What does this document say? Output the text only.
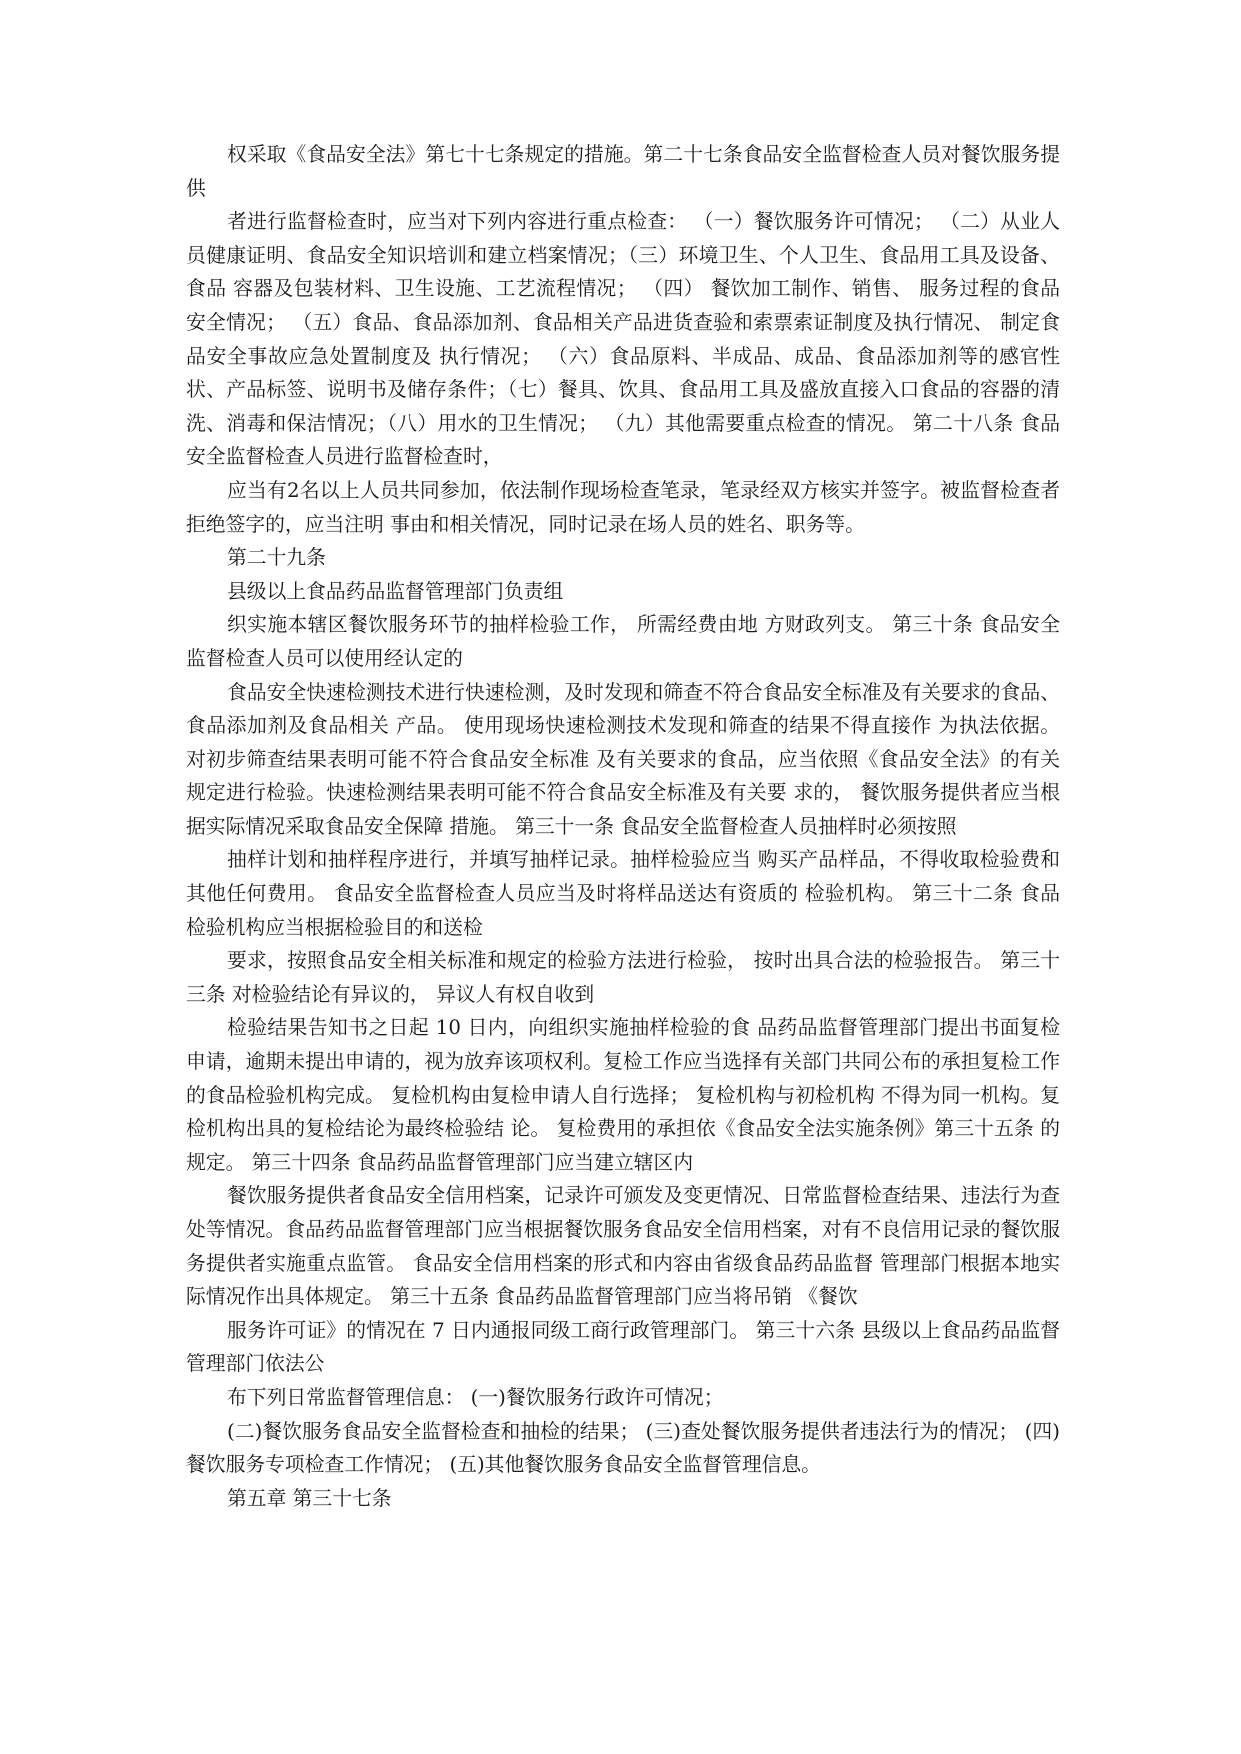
权采取《食品安全法》第七十七条规定的措施。第二十七条食品安全监督检查人员对餐饮服务提供

者进行监督检查时，应当对下列内容进行重点检查： （一）餐饮服务许可情况； （二）从业人员健康证明、食品安全知识培训和建立档案情况；（三）环境卫生、个人卫生、食品用工具及设备、食品 容器及包装材料、卫生设施、工艺流程情况； （四） 餐饮加工制作、销售、 服务过程的食品安全情况； （五）食品、食品添加剂、食品相关产品进货查验和索票索证制度及执行情况、 制定食品安全事故应急处置制度及 执行情况； （六）食品原料、半成品、成品、食品添加剂等的感官性状、产品标签、说明书及储存条件；（七）餐具、饮具、食品用工具及盛放直接入口食品的容器的清洗、消毒和保洁情况；（八）用水的卫生情况； （九）其他需要重点检查的情况。 第二十八条 食品安全监督检查人员进行监督检查时，

应当有2名以上人员共同参加，依法制作现场检查笔录，笔录经双方核实并签字。被监督检查者拒绝签字的，应当注明 事由和相关情况，同时记录在场人员的姓名、职务等。

第二十九条

县级以上食品药品监督管理部门负责组

织实施本辖区餐饮服务环节的抽样检验工作， 所需经费由地 方财政列支。 第三十条 食品安全监督检查人员可以使用经认定的

食品安全快速检测技术进行快速检测，及时发现和筛查不符合食品安全标准及有关要求的食品、 食品添加剂及食品相关 产品。 使用现场快速检测技术发现和筛查的结果不得直接作 为执法依据。 对初步筛查结果表明可能不符合食品安全标准 及有关要求的食品，应当依照《食品安全法》的有关规定进行检验。快速检测结果表明可能不符合食品安全标准及有关要 求的， 餐饮服务提供者应当根据实际情况采取食品安全保障 措施。 第三十一条 食品安全监督检查人员抽样时必须按照

抽样计划和抽样程序进行，并填写抽样记录。抽样检验应当 购买产品样品，不得收取检验费和其他任何费用。 食品安全监督检查人员应当及时将样品送达有资质的 检验机构。 第三十二条 食品检验机构应当根据检验目的和送检

要求，按照食品安全相关标准和规定的检验方法进行检验， 按时出具合法的检验报告。 第三十三条 对检验结论有异议的， 异议人有权自收到

检验结果告知书之日起 10 日内，向组织实施抽样检验的食 品药品监督管理部门提出书面复检申请，逾期未提出申请的，视为放弃该项权利。复检工作应当选择有关部门共同公布的承担复检工作 的食品检验机构完成。 复检机构由复检申请人自行选择； 复检机构与初检机构 不得为同一机构。复检机构出具的复检结论为最终检验结 论。 复检费用的承担依《食品安全法实施条例》第三十五条 的规定。 第三十四条 食品药品监督管理部门应当建立辖区内

餐饮服务提供者食品安全信用档案，记录许可颁发及变更情况、日常监督检查结果、违法行为查处等情况。食品药品监督管理部门应当根据餐饮服务食品安全信用档案，对有不良信用记录的餐饮服务提供者实施重点监管。 食品安全信用档案的形式和内容由省级食品药品监督 管理部门根据本地实际情况作出具体规定。 第三十五条 食品药品监督管理部门应当将吊销 《餐饮

服务许可证》的情况在 7 日内通报同级工商行政管理部门。 第三十六条 县级以上食品药品监督管理部门依法公

布下列日常监督管理信息： (一)餐饮服务行政许可情况；

(二)餐饮服务食品安全监督检查和抽检的结果； (三)查处餐饮服务提供者违法行为的情况； (四)餐饮服务专项检查工作情况； (五)其他餐饮服务食品安全监督管理信息。

第五章 第三十七条
